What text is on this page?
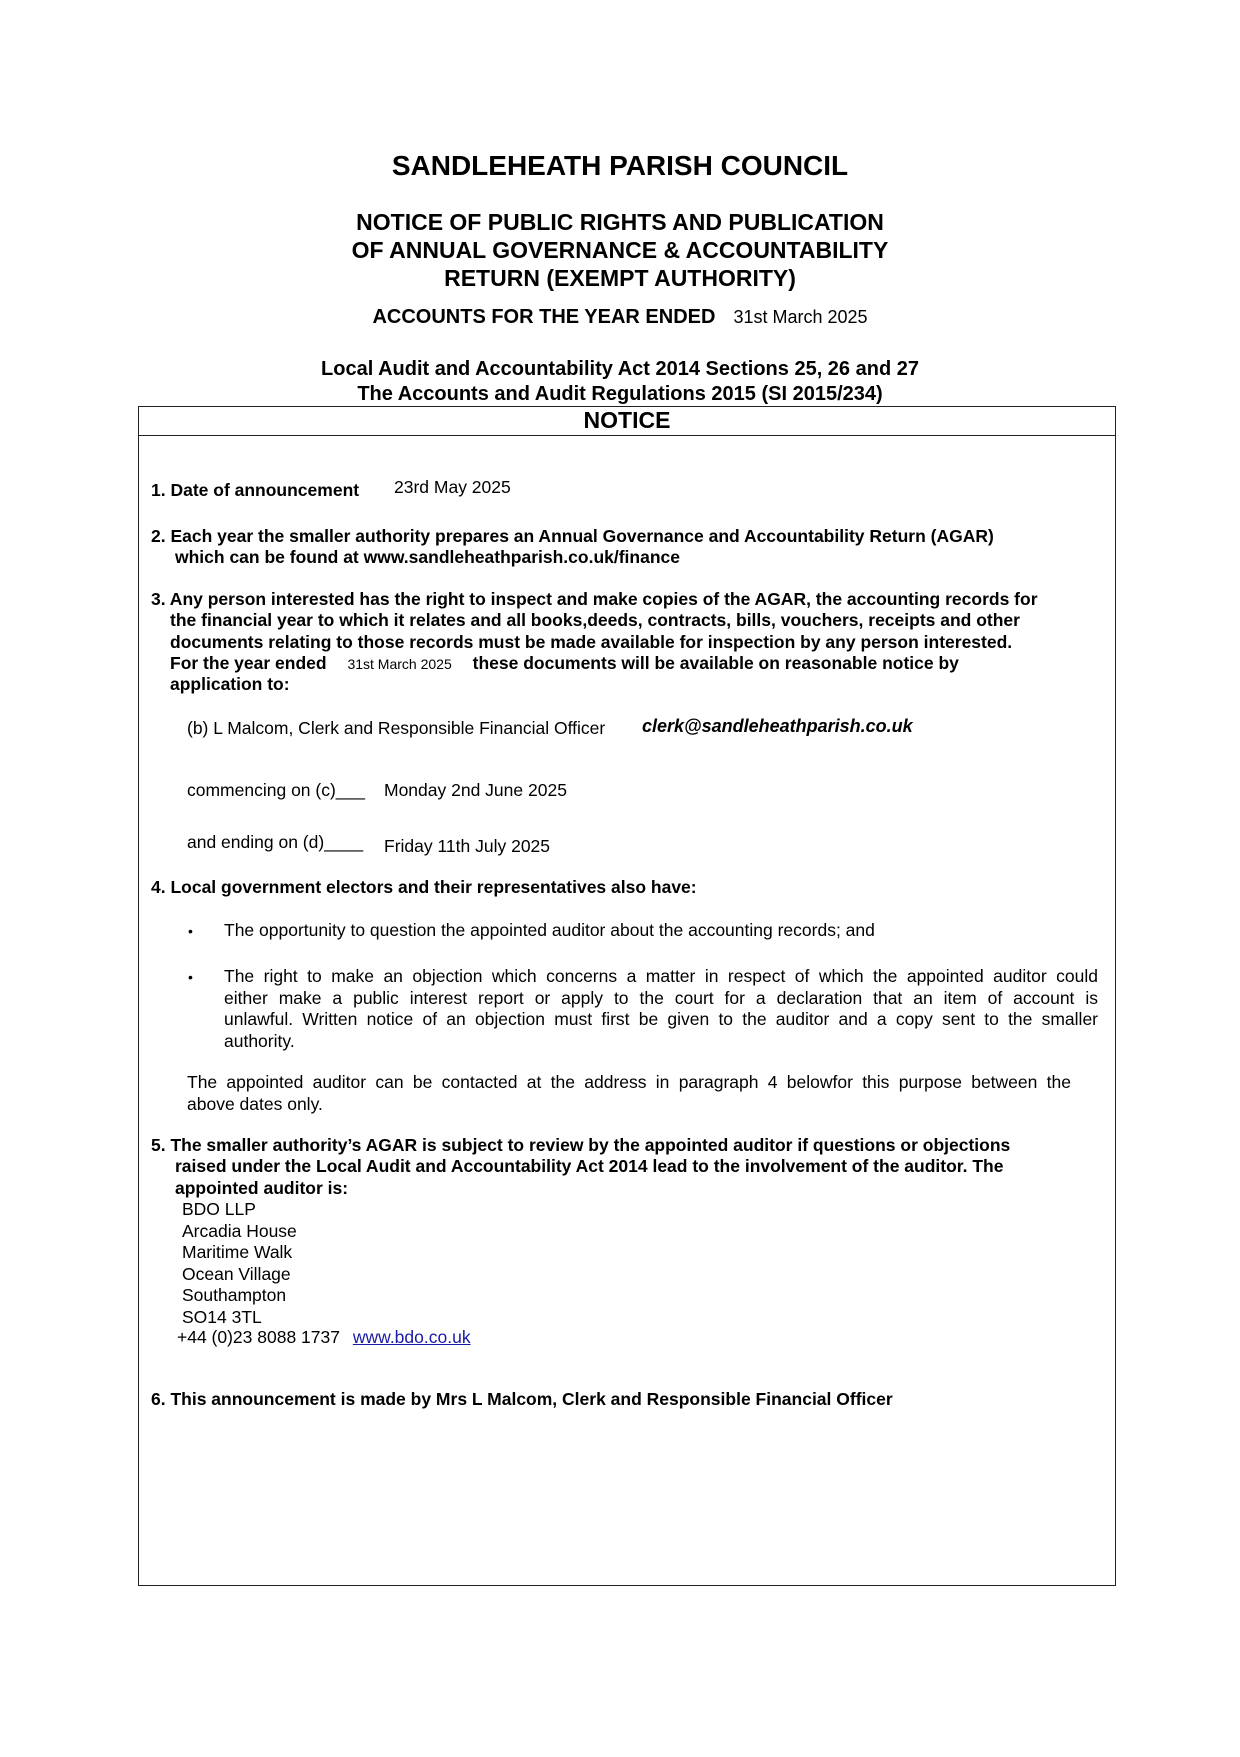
SANDLEHEATH PARISH COUNCIL
NOTICE OF PUBLIC RIGHTS AND PUBLICATION
OF ANNUAL GOVERNANCE & ACCOUNTABILITY
RETURN (EXEMPT AUTHORITY)
ACCOUNTS FOR THE YEAR ENDED 31st March 2025
Local Audit and Accountability Act 2014 Sections 25, 26 and 27
The Accounts and Audit Regulations 2015 (SI 2015/234)
NOTICE
1. Date of announcement 23rd May 2025
2. Each year the smaller authority prepares an Annual Governance and Accountability Return (AGAR)
which can be found at www.sandleheathparish.co.uk/finance
3. Any person interested has the right to inspect and make copies of the AGAR, the accounting records for
the financial year to which it relates and all books,deeds, contracts, bills, vouchers, receipts and other
documents relating to those records must be made available for inspection by any person interested.
For the year ended 31st March 2025 these documents will be available on reasonable notice by
application to:
(b) L Malcom, Clerk and Responsible Financial Officer clerk@sandleheathparish.co.uk
commencing on (c)___ Monday 2nd June 2025
and ending on (d)____ Friday 11th July 2025
4. Local government electors and their representatives also have:
• The opportunity to question the appointed auditor about the accounting records; and
• The right to make an objection which concerns a matter in respect of which the appointed auditor could
either make a public interest report or apply to the court for a declaration that an item of account is
unlawful. Written notice of an objection must first be given to the auditor and a copy sent to the smaller
authority.
The appointed auditor can be contacted at the address in paragraph 4 belowfor this purpose between the
above dates only.
5. The smaller authority’s AGAR is subject to review by the appointed auditor if questions or objections
raised under the Local Audit and Accountability Act 2014 lead to the involvement of the auditor. The
appointed auditor is:
BDO LLP
Arcadia House
Maritime Walk
Ocean Village
Southampton
SO14 3TL
+44 (0)23 8088 1737 www.bdo.co.uk
6. This announcement is made by Mrs L Malcom, Clerk and Responsible Financial Officer
